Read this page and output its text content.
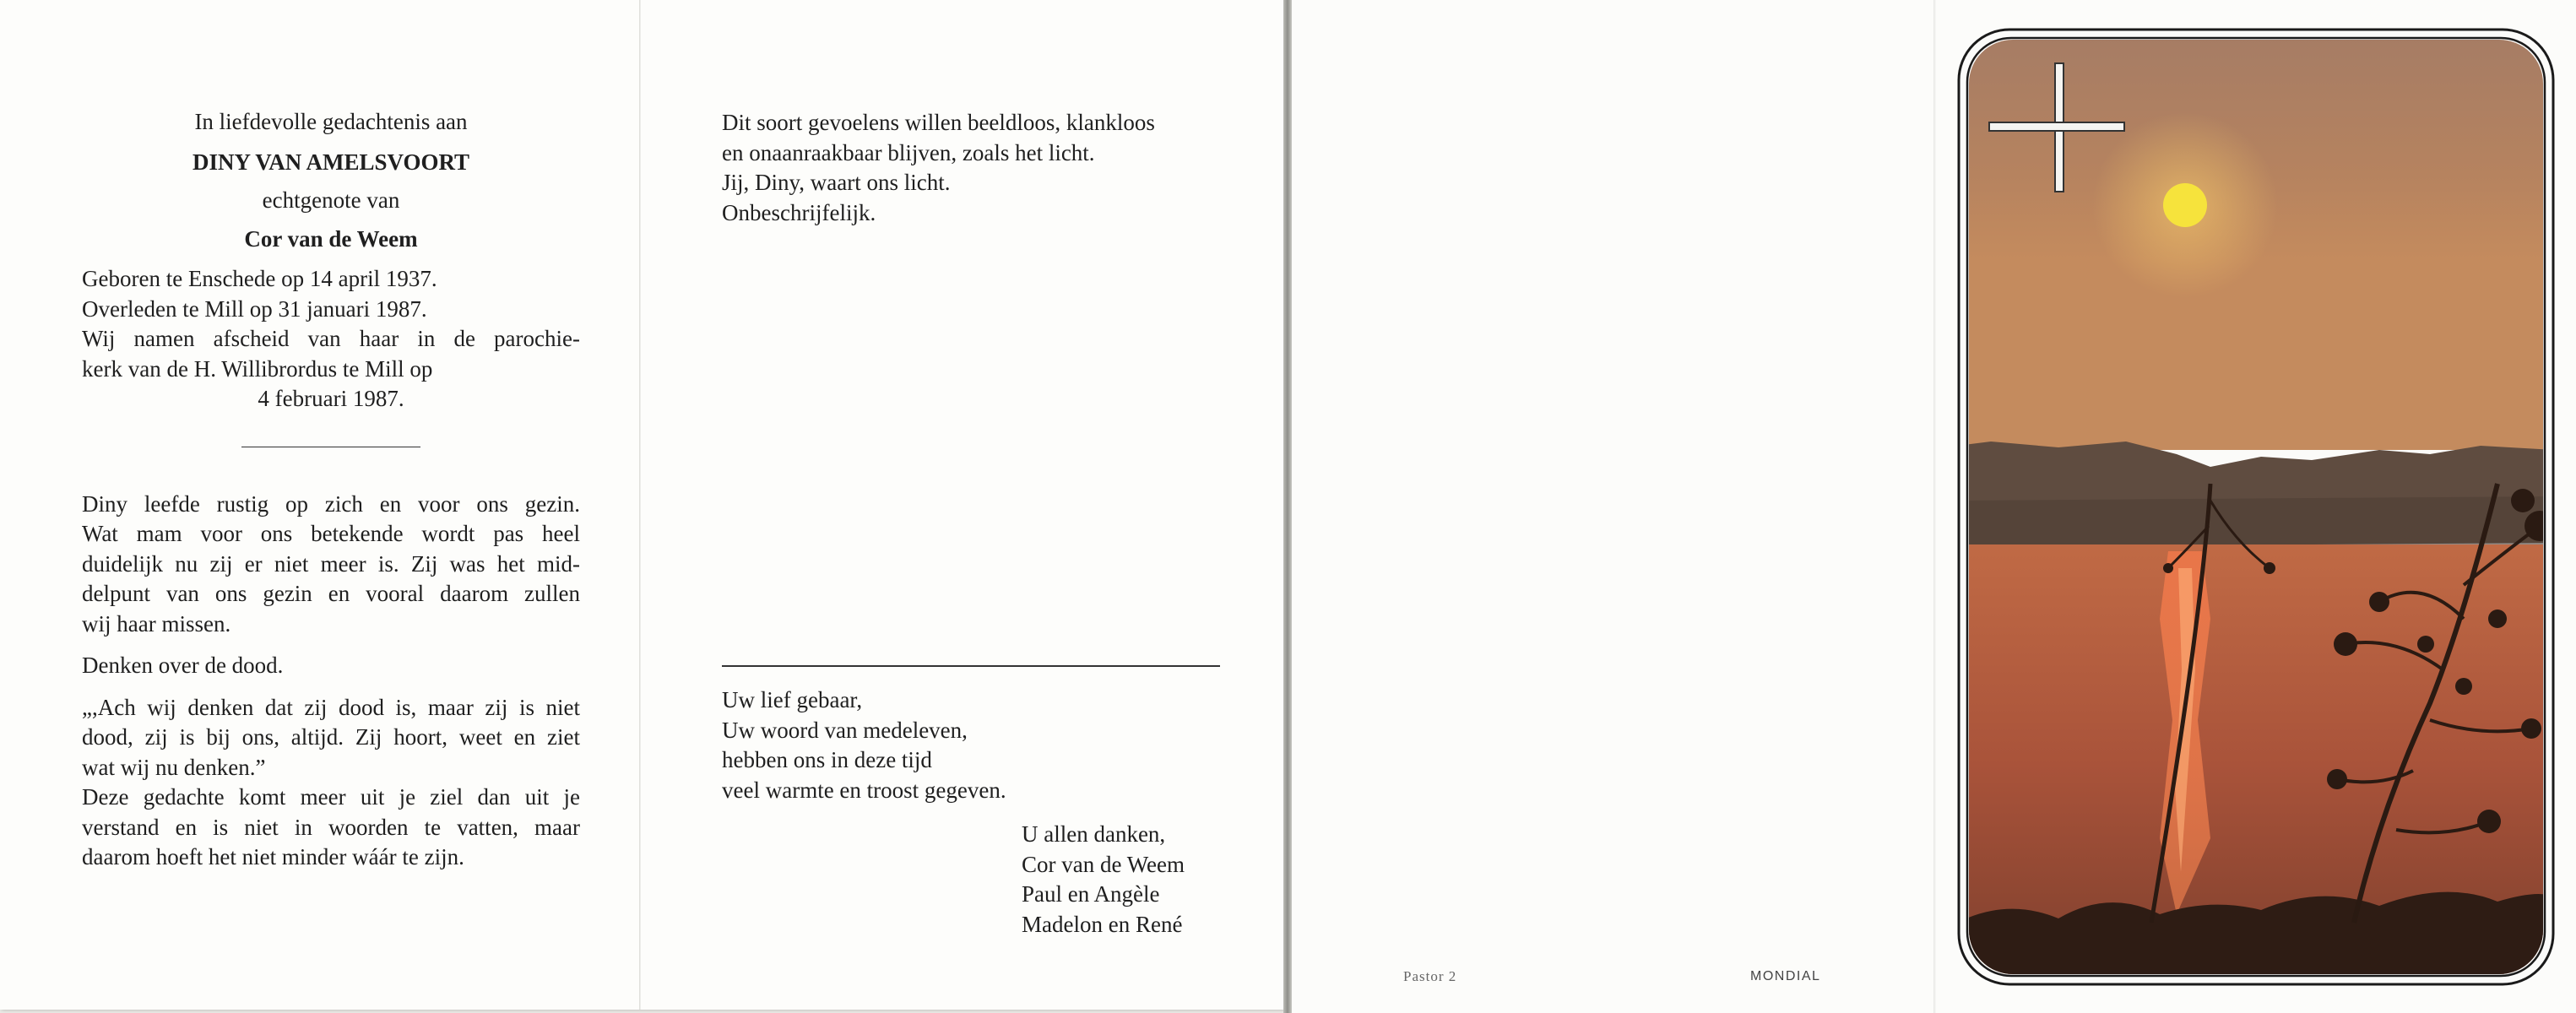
In liefdevolle gedachtenis aan
DINY VAN AMELSVOORT
echtgenote van
Cor van de Weem
Geboren te Enschede op 14 april 1937.
Overleden te Mill op 31 januari 1987.
Wij namen afscheid van haar in de parochie-
kerk van de H. Willibrordus te Mill op
4 februari 1987.
Diny leefde rustig op zich en voor ons gezin.
Wat mam voor ons betekende wordt pas heel
duidelijk nu zij er niet meer is. Zij was het mid-
delpunt van ons gezin en vooral daarom zullen
wij haar missen.
Denken over de dood.
„,Ach wij denken dat zij dood is, maar zij is niet
dood, zij is bij ons, altijd. Zij hoort, weet en ziet
wat wij nu denken.”
Deze gedachte komt meer uit je ziel dan uit je
verstand en is niet in woorden te vatten, maar
daarom hoeft het niet minder wáár te zijn.
Dit soort gevoelens willen beeldloos, klankloos
en onaanraakbaar blijven, zoals het licht.
Jij, Diny, waart ons licht.
Onbeschrijfelijk.
Uw lief gebaar,
Uw woord van medeleven,
hebben ons in deze tijd
veel warmte en troost gegeven.
U allen danken,
Cor van de Weem
Paul en Angèle
Madelon en René
Pastor 2	MONDIAL
